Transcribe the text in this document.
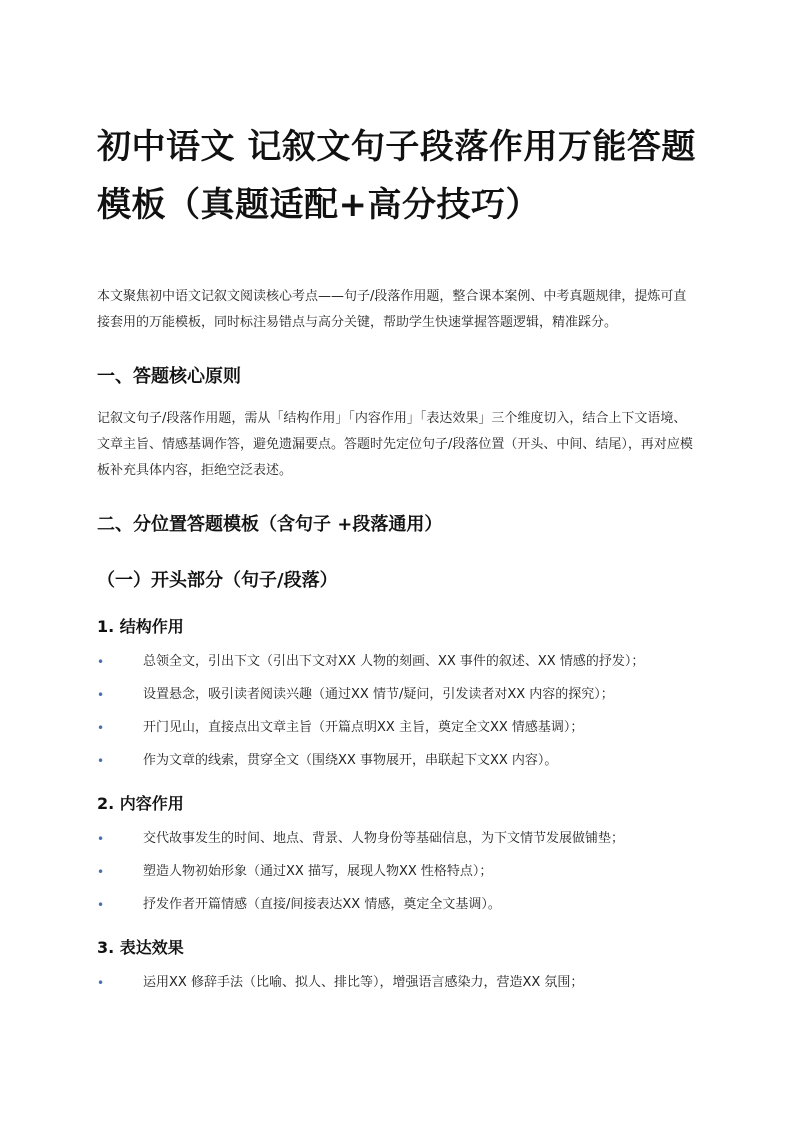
初中语文 记叙文句子段落作用万能答题模板（真题适配+高分技巧）

本文聚焦初中语文记叙文阅读核心考点——句子/段落作用题，整合课本案例、中考真题规律，提炼可直接套用的万能模板，同时标注易错点与高分关键，帮助学生快速掌握答题逻辑，精准踩分。

一、答题核心原则

记叙文句子/段落作用题，需从「结构作用」「内容作用」「表达效果」三个维度切入，结合上下文语境、文章主旨、情感基调作答，避免遗漏要点。答题时先定位句子/段落位置（开头、中间、结尾），再对应模板补充具体内容，拒绝空泛表述。

二、分位置答题模板（含句子 +段落通用）
（一）开头部分（句子/段落）
1. 结构作用
•	总领全文，引出下文（引出下文对XX 人物的刻画、XX 事件的叙述、XX 情感的抒发）；
•	设置悬念，吸引读者阅读兴趣（通过XX 情节/疑问，引发读者对XX 内容的探究）；
•	开门见山，直接点出文章主旨（开篇点明XX 主旨，奠定全文XX 情感基调）；
•	作为文章的线索，贯穿全文（围绕XX 事物展开，串联起下文XX 内容）。
2. 内容作用
•	交代故事发生的时间、地点、背景、人物身份等基础信息，为下文情节发展做铺垫；
•	塑造人物初始形象（通过XX 描写，展现人物XX 性格特点）；
•	抒发作者开篇情感（直接/间接表达XX 情感，奠定全文基调）。
3. 表达效果
•	运用XX 修辞手法（比喻、拟人、排比等），增强语言感染力，营造XX 氛围；
